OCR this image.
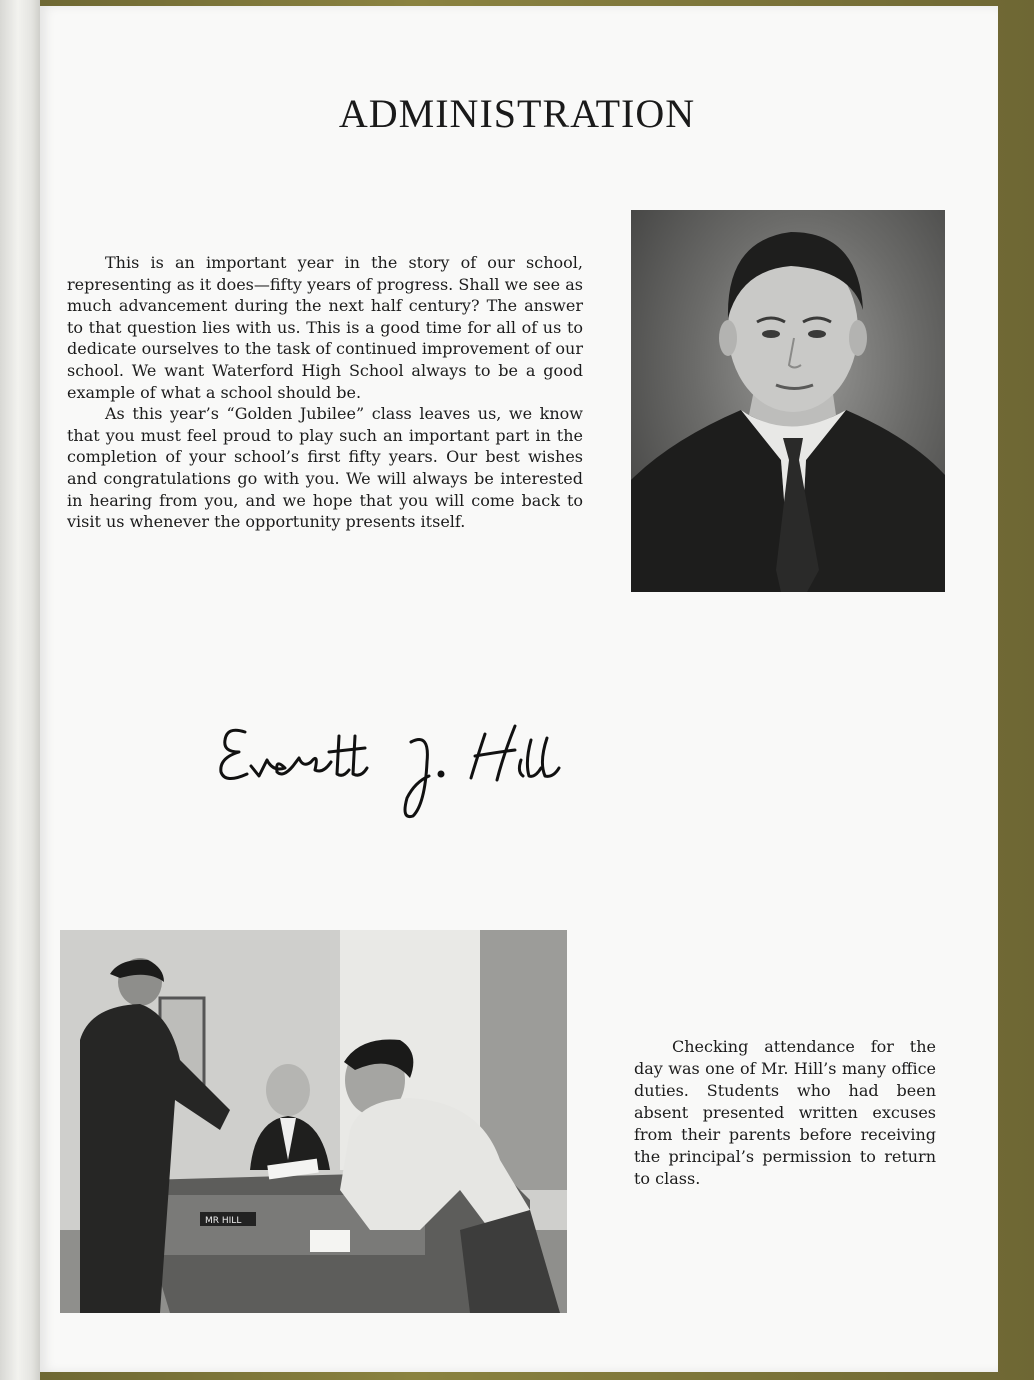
ADMINISTRATION

This is an important year in the story of our school, representing as it does—fifty years of progress. Shall we see as much advancement during the next half century? The answer to that question lies with us. This is a good time for all of us to dedicate ourselves to the task of continued improvement of our school. We want Waterford High School always to be a good example of what a school should be.

As this year’s “Golden Jubilee” class leaves us, we know that you must feel proud to play such an important part in the completion of your school’s first fifty years. Our best wishes and congratulations go with you. We will always be interested in hearing from you, and we hope that you will come back to visit us whenever the opportunity presents itself.

MR HILL
Checking attendance for the day was one of Mr. Hill’s many office duties. Students who had been absent presented written excuses from their parents before receiving the principal’s permission to return to class.
